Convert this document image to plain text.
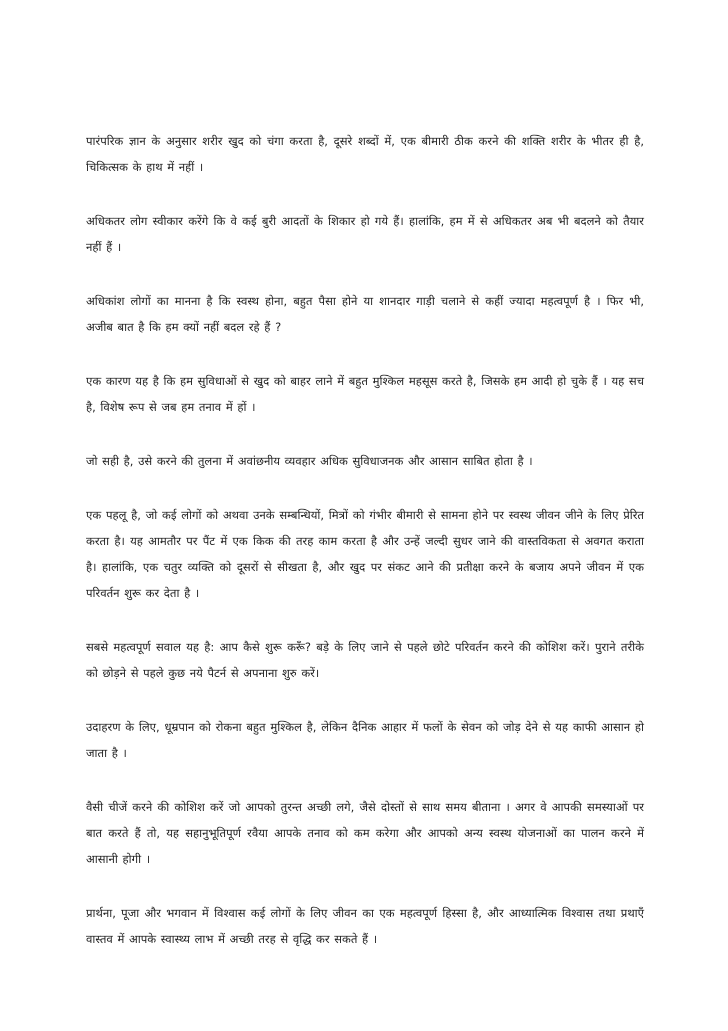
पारंपरिक ज्ञान के अनुसार शरीर खुद को चंगा करता है, दूसरे शब्दों में, एक बीमारी ठीक करने की शक्ति शरीर के भीतर ही है, चिकित्सक के हाथ में नहीं ।

अधिकतर लोग स्वीकार करेंगे कि वे कई बुरी आदतों के शिकार हो गये हैं। हालांकि, हम में से अधिकतर अब भी बदलने को तैयार नहीं हैं ।

अधिकांश लोगों का मानना है कि स्वस्थ होना, बहुत पैसा होने या शानदार गाड़ी चलाने से कहीं ज्यादा महत्वपूर्ण है । फिर भी, अजीब बात है कि हम क्यों नहीं बदल रहे हैं ?

एक कारण यह है कि हम सुविधाओं से खुद को बाहर लाने में बहुत मुश्किल महसूस करते है, जिसके हम आदी हो चुके हैं । यह सच है, विशेष रूप से जब हम तनाव में हों ।

जो सही है, उसे करने की तुलना में अवांछनीय व्यवहार अधिक सुविधाजनक और आसान साबित होता है ।

एक पहलू है, जो कई लोगों को अथवा उनके सम्बन्धियों, मित्रों को गंभीर बीमारी से सामना होने पर स्वस्थ जीवन जीने के लिए प्रेरित करता है। यह आमतौर पर पैंट में एक किक की तरह काम करता है और उन्हें जल्दी सुधर जाने की वास्तविकता से अवगत कराता है। हालांकि, एक चतुर व्यक्ति को दूसरों से सीखता है, और खुद पर संकट आने की प्रतीक्षा करने के बजाय अपने जीवन में एक परिवर्तन शुरू कर देता है ।

सबसे महत्वपूर्ण सवाल यह है: आप कैसे शुरू करूँ? बड़े के लिए जाने से पहले छोटे परिवर्तन करने की कोशिश करें। पुराने तरीके को छोड़ने से पहले कुछ नये पैटर्न से अपनाना शुरु करें।

उदाहरण के लिए, धूम्रपान को रोकना बहुत मुश्किल है, लेकिन दैनिक आहार में फलों के सेवन को जोड़ देने से यह काफी आसान हो जाता है ।

वैसी चीजें करने की कोशिश करें जो आपको तुरन्त अच्छी लगे, जैसे दोस्तों से साथ समय बीताना । अगर वे आपकी समस्याओं पर बात करते हैं तो, यह सहानुभूतिपूर्ण रवैया आपके तनाव को कम करेगा और आपको अन्य स्वस्थ योजनाओं का पालन करने में आसानी होगी ।

प्रार्थना, पूजा और भगवान में विश्वास कई लोगों के लिए जीवन का एक महत्वपूर्ण हिस्सा है, और आध्यात्मिक विश्वास तथा प्रथाएँ वास्तव में आपके स्वास्थ्य लाभ में अच्छी तरह से वृद्धि कर सकते हैं ।
